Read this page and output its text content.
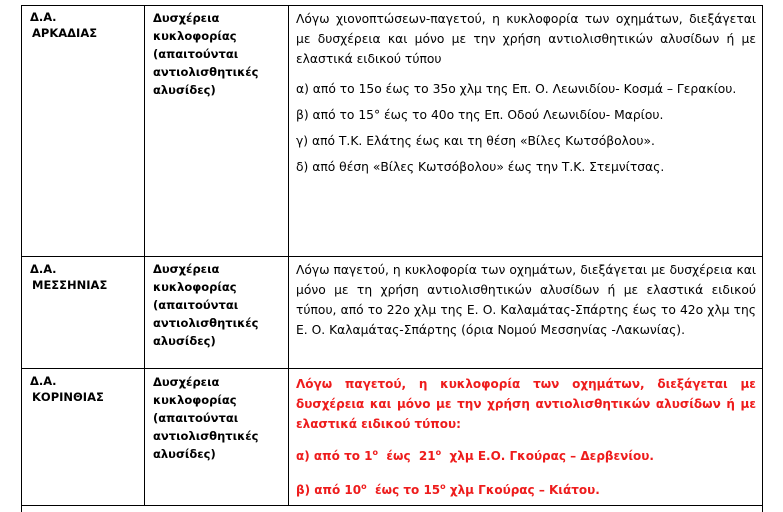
Δ.Α.
ΑΡΚΑΔΙΑΣ
Δυσχέρεια
κυκλοφορίας
(απαιτούνται
αντιολισθητικές
αλυσίδες)

Λόγω χιονοπτώσεων-παγετού, η κυκλοφορία των οχημάτων, διεξάγεται με δυσχέρεια και μόνο με την χρήση αντιολισθητικών αλυσίδων ή με ελαστικά ειδικού τύπου

α) από το 15ο έως το 35ο χλμ της Επ. Ο. Λεωνιδίου- Κοσμά – Γερακίου.

β) από το 15° έως το 40ο της Επ. Οδού Λεωνιδίου- Μαρίου.

γ) από Τ.Κ. Ελάτης έως και τη θέση «Βίλες Κωτσόβολου».

δ) από θέση «Βίλες Κωτσόβολου» έως την Τ.Κ. Στεμνίτσας.

Δ.Α.
ΜΕΣΣΗΝΙΑΣ
Δυσχέρεια
κυκλοφορίας
(απαιτούνται
αντιολισθητικές
αλυσίδες)

Λόγω παγετού, η κυκλοφορία των οχημάτων, διεξάγεται με δυσχέρεια και μόνο με τη χρήση αντιολισθητικών αλυσίδων ή με ελαστικά ειδικού τύπου, από το 22ο χλμ της Ε. Ο. Καλαμάτας-Σπάρτης έως το 42ο χλμ της Ε. Ο. Καλαμάτας-Σπάρτης (όρια Νομού Μεσσηνίας -Λακωνίας).

Δ.Α.
ΚΟΡΙΝΘΙΑΣ
Δυσχέρεια
κυκλοφορίας
(απαιτούνται
αντιολισθητικές
αλυσίδες)

Λόγω παγετού, η κυκλοφορία των οχημάτων, διεξάγεται με δυσχέρεια και μόνο με την χρήση αντιολισθητικών αλυσίδων ή με ελαστικά ειδικού τύπου:

α) από το $1^o$  έως  $21^o$  χλμ Ε.Ο. Γκούρας – Δερβενίου.

β) από $10^o$  έως το $15^o$ χλμ Γκούρας – Κιάτου.
